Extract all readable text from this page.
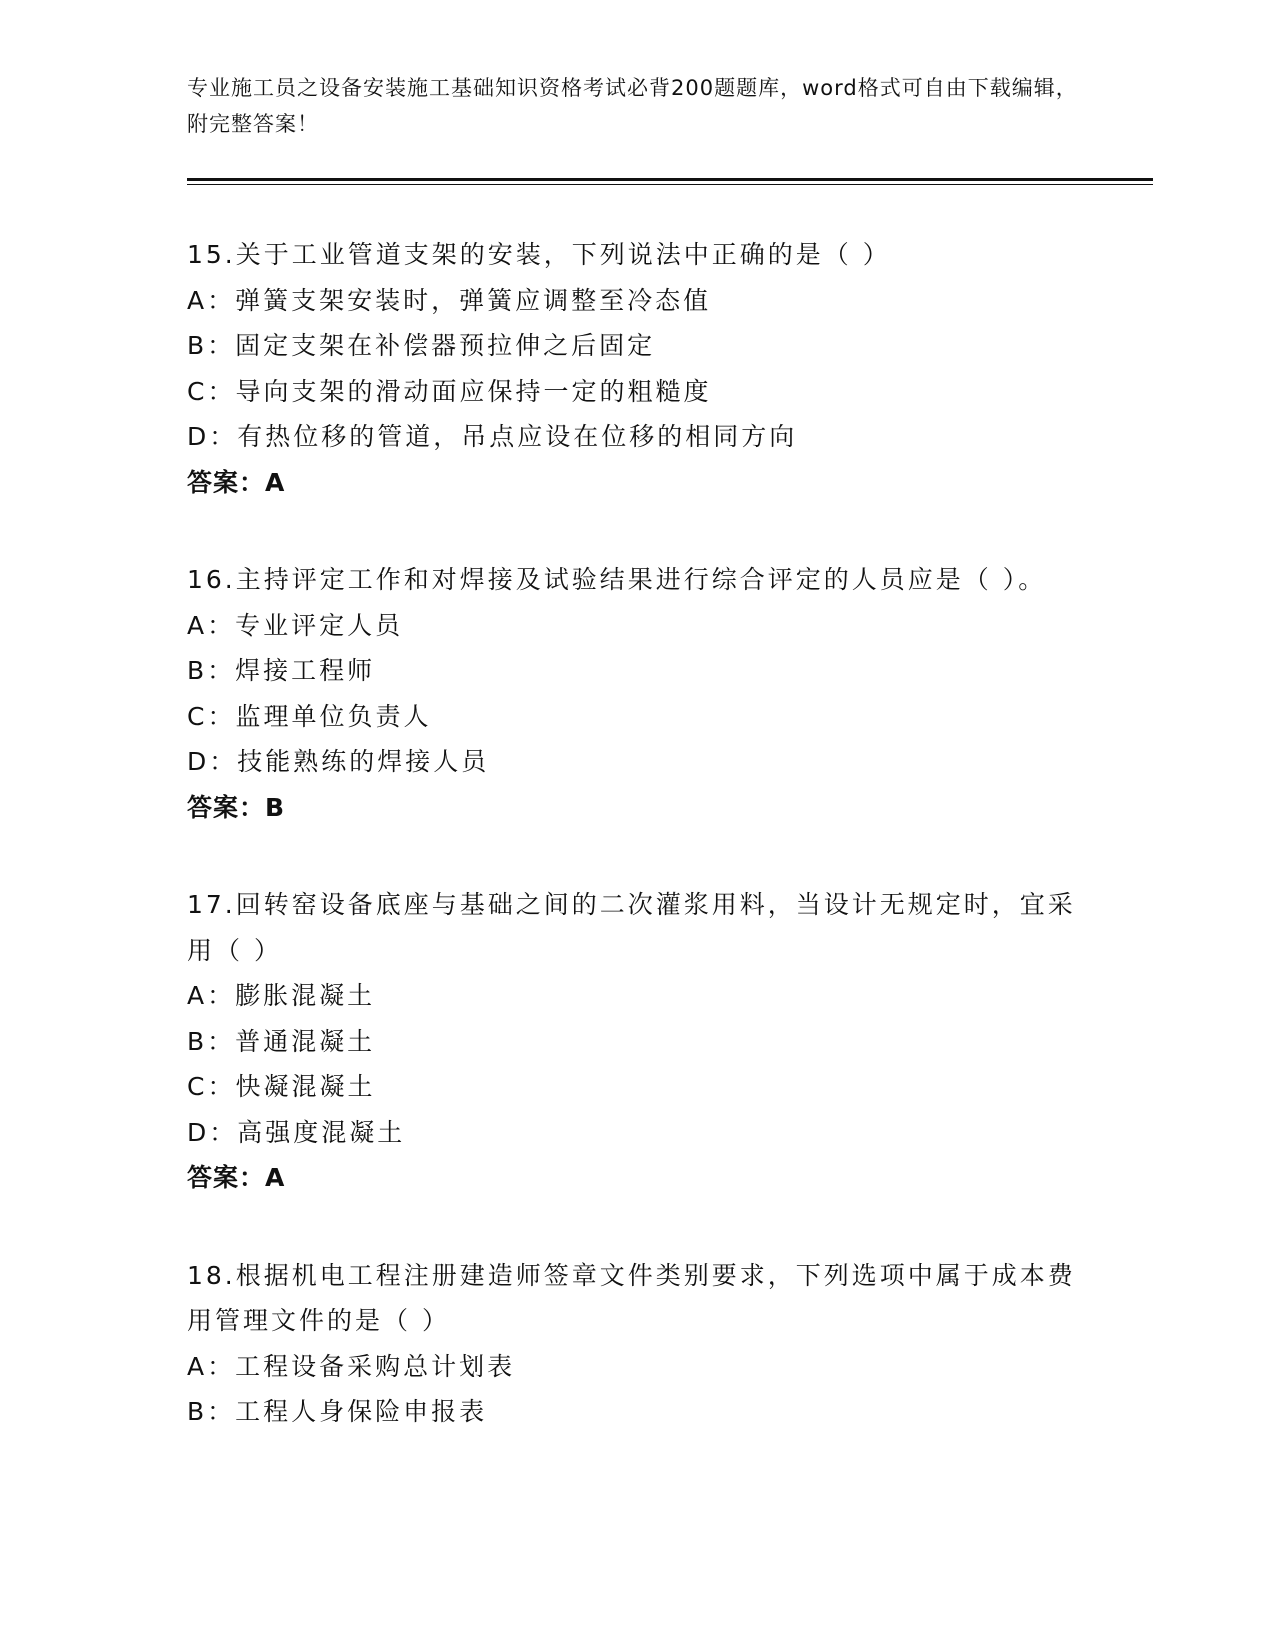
专业施工员之设备安装施工基础知识资格考试必背200题题库，word格式可自由下载编辑，附完整答案！
15.关于工业管道支架的安装，下列说法中正确的是（ ）
A：弹簧支架安装时，弹簧应调整至冷态值
B：固定支架在补偿器预拉伸之后固定
C：导向支架的滑动面应保持一定的粗糙度
D：有热位移的管道，吊点应设在位移的相同方向
答案：A
16.主持评定工作和对焊接及试验结果进行综合评定的人员应是（ ）。
A：专业评定人员
B：焊接工程师
C：监理单位负责人
D：技能熟练的焊接人员
答案：B
17.回转窑设备底座与基础之间的二次灌浆用料，当设计无规定时，宜采用（ ）
A：膨胀混凝土
B：普通混凝土
C：快凝混凝土
D：高强度混凝土
答案：A
18.根据机电工程注册建造师签章文件类别要求，下列选项中属于成本费用管理文件的是（ ）
A：工程设备采购总计划表
B：工程人身保险申报表
